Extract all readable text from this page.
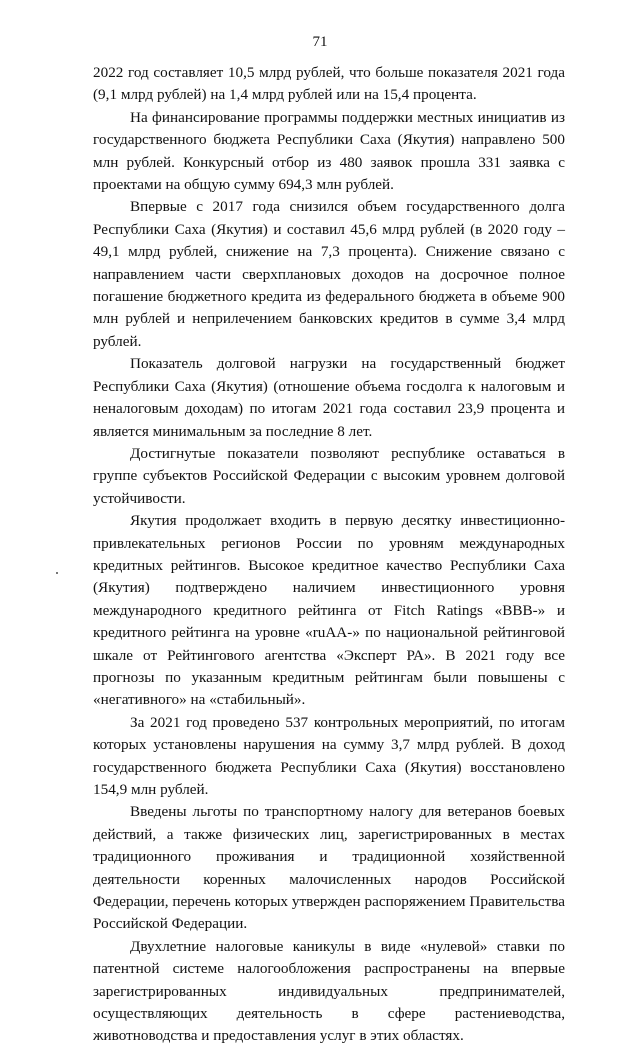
71

2022 год составляет 10,5 млрд рублей, что больше показателя 2021 года (9,1 млрд рублей) на 1,4 млрд рублей или на 15,4 процента.

На финансирование программы поддержки местных инициатив из государственного бюджета Республики Саха (Якутия) направлено 500 млн рублей. Конкурсный отбор из 480 заявок прошла 331 заявка с проектами на общую сумму 694,3 млн рублей.

Впервые с 2017 года снизился объем государственного долга Республики Саха (Якутия) и составил 45,6 млрд рублей (в 2020 году – 49,1 млрд рублей, снижение на 7,3 процента). Снижение связано с направлением части сверхплановых доходов на досрочное полное погашение бюджетного кредита из федерального бюджета в объеме 900 млн рублей и неприлечением банковских кредитов в сумме 3,4 млрд рублей.

Показатель долговой нагрузки на государственный бюджет Республики Саха (Якутия) (отношение объема госдолга к налоговым и неналоговым доходам) по итогам 2021 года составил 23,9 процента и является минимальным за последние 8 лет.

Достигнутые показатели позволяют республике оставаться в группе субъектов Российской Федерации с высоким уровнем долговой устойчивости.

Якутия продолжает входить в первую десятку инвестиционно-привлекательных регионов России по уровням международных кредитных рейтингов. Высокое кредитное качество Республики Саха (Якутия) подтверждено наличием инвестиционного уровня международного кредитного рейтинга от Fitch Ratings «BBB-» и кредитного рейтинга на уровне «ruAA-» по национальной рейтинговой шкале от Рейтингового агентства «Эксперт РА». В 2021 году все прогнозы по указанным кредитным рейтингам были повышены с «негативного» на «стабильный».

За 2021 год проведено 537 контрольных мероприятий, по итогам которых установлены нарушения на сумму 3,7 млрд рублей. В доход государственного бюджета Республики Саха (Якутия) восстановлено 154,9 млн рублей.

Введены льготы по транспортному налогу для ветеранов боевых действий, а также физических лиц, зарегистрированных в местах традиционного проживания и традиционной хозяйственной деятельности коренных малочисленных народов Российской Федерации, перечень которых утвержден распоряжением Правительства Российской Федерации.

Двухлетние налоговые каникулы в виде «нулевой» ставки по патентной системе налогообложения распространены на впервые зарегистрированных индивидуальных предпринимателей, осуществляющих деятельность в сфере растениеводства, животноводства и предоставления услуг в этих областях.
